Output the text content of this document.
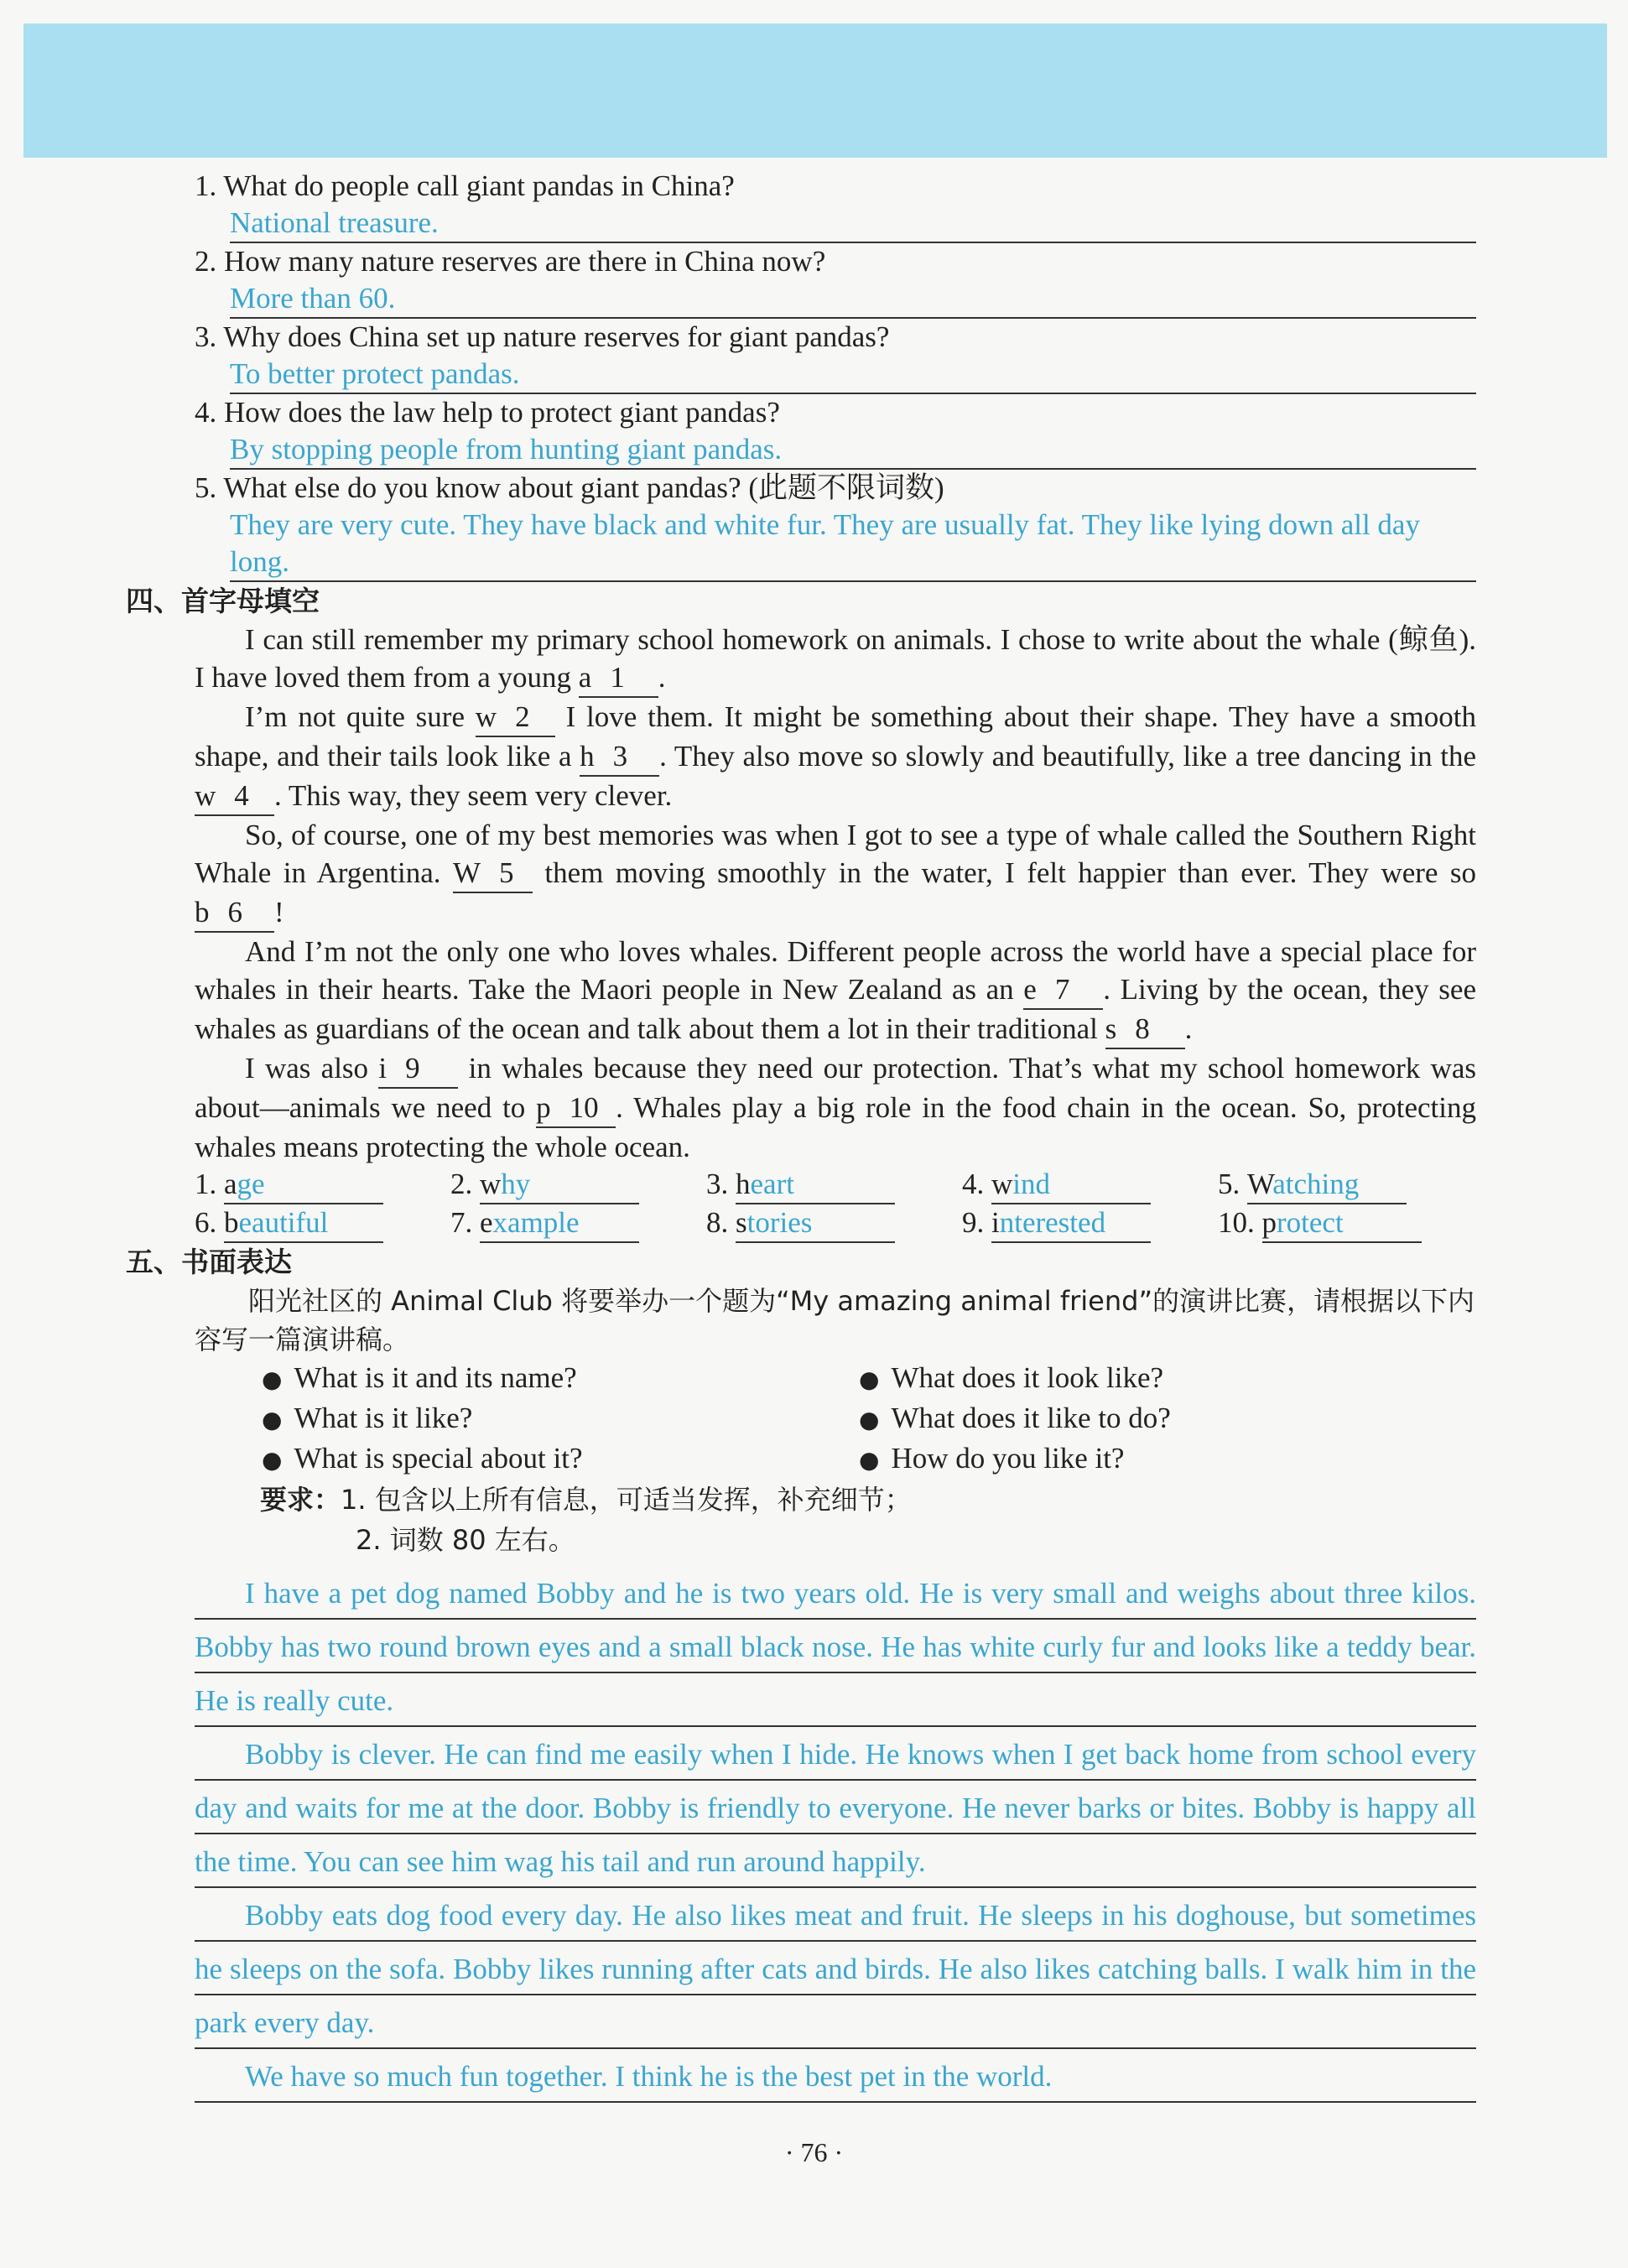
1. What do people call giant pandas in China?
National treasure.
2. How many nature reserves are there in China now?
More than 60.
3. Why does China set up nature reserves for giant pandas?
To better protect pandas.
4. How does the law help to protect giant pandas?
By stopping people from hunting giant pandas.
5. What else do you know about giant pandas? (此题不限词数)
They are very cute. They have black and white fur. They are usually fat. They like lying down all day long.
四、首字母填空
I can still remember my primary school homework on animals. I chose to write about the whale (鲸鱼). I have loved them from a young a 1 .
I’m not quite sure w 2 I love them. It might be something about their shape. They have a smooth shape, and their tails look like a h 3 . They also move so slowly and beautifully, like a tree dancing in the w 4 . This way, they seem very clever.
So, of course, one of my best memories was when I got to see a type of whale called the Southern Right Whale in Argentina. W 5 them moving smoothly in the water, I felt happier than ever. They were so b 6 !
And I’m not the only one who loves whales. Different people across the world have a special place for whales in their hearts. Take the Maori people in New Zealand as an e 7 . Living by the ocean, they see whales as guardians of the ocean and talk about them a lot in their traditional s 8 .
I was also i 9 in whales because they need our protection. That’s what my school homework was about—animals we need to p 10 . Whales play a big role in the food chain in the ocean. So, protecting whales means protecting the whole ocean.
1. age	2. why	3. heart	4. wind	5. Watching
6. beautiful	7. example	8. stories	9. interested	10. protect
五、书面表达
阳光社区的 Animal Club 将要举办一个题为“My amazing animal friend”的演讲比赛，请根据以下内容写一篇演讲稿。
● What is it and its name?	● What does it look like?
● What is it like?	● What does it like to do?
● What is special about it?	● How do you like it?
要求：1. 包含以上所有信息，可适当发挥，补充细节；
2. 词数 80 左右。

I have a pet dog named Bobby and he is two years old. He is very small and weighs about three kilos. Bobby has two round brown eyes and a small black nose. He has white curly fur and looks like a teddy bear. He is really cute.

Bobby is clever. He can find me easily when I hide. He knows when I get back home from school every day and waits for me at the door. Bobby is friendly to everyone. He never barks or bites. Bobby is happy all the time. You can see him wag his tail and run around happily.

Bobby eats dog food every day. He also likes meat and fruit. He sleeps in his doghouse, but sometimes he sleeps on the sofa. Bobby likes running after cats and birds. He also likes catching balls. I walk him in the park every day.

We have so much fun together. I think he is the best pet in the world.

· 76 ·
